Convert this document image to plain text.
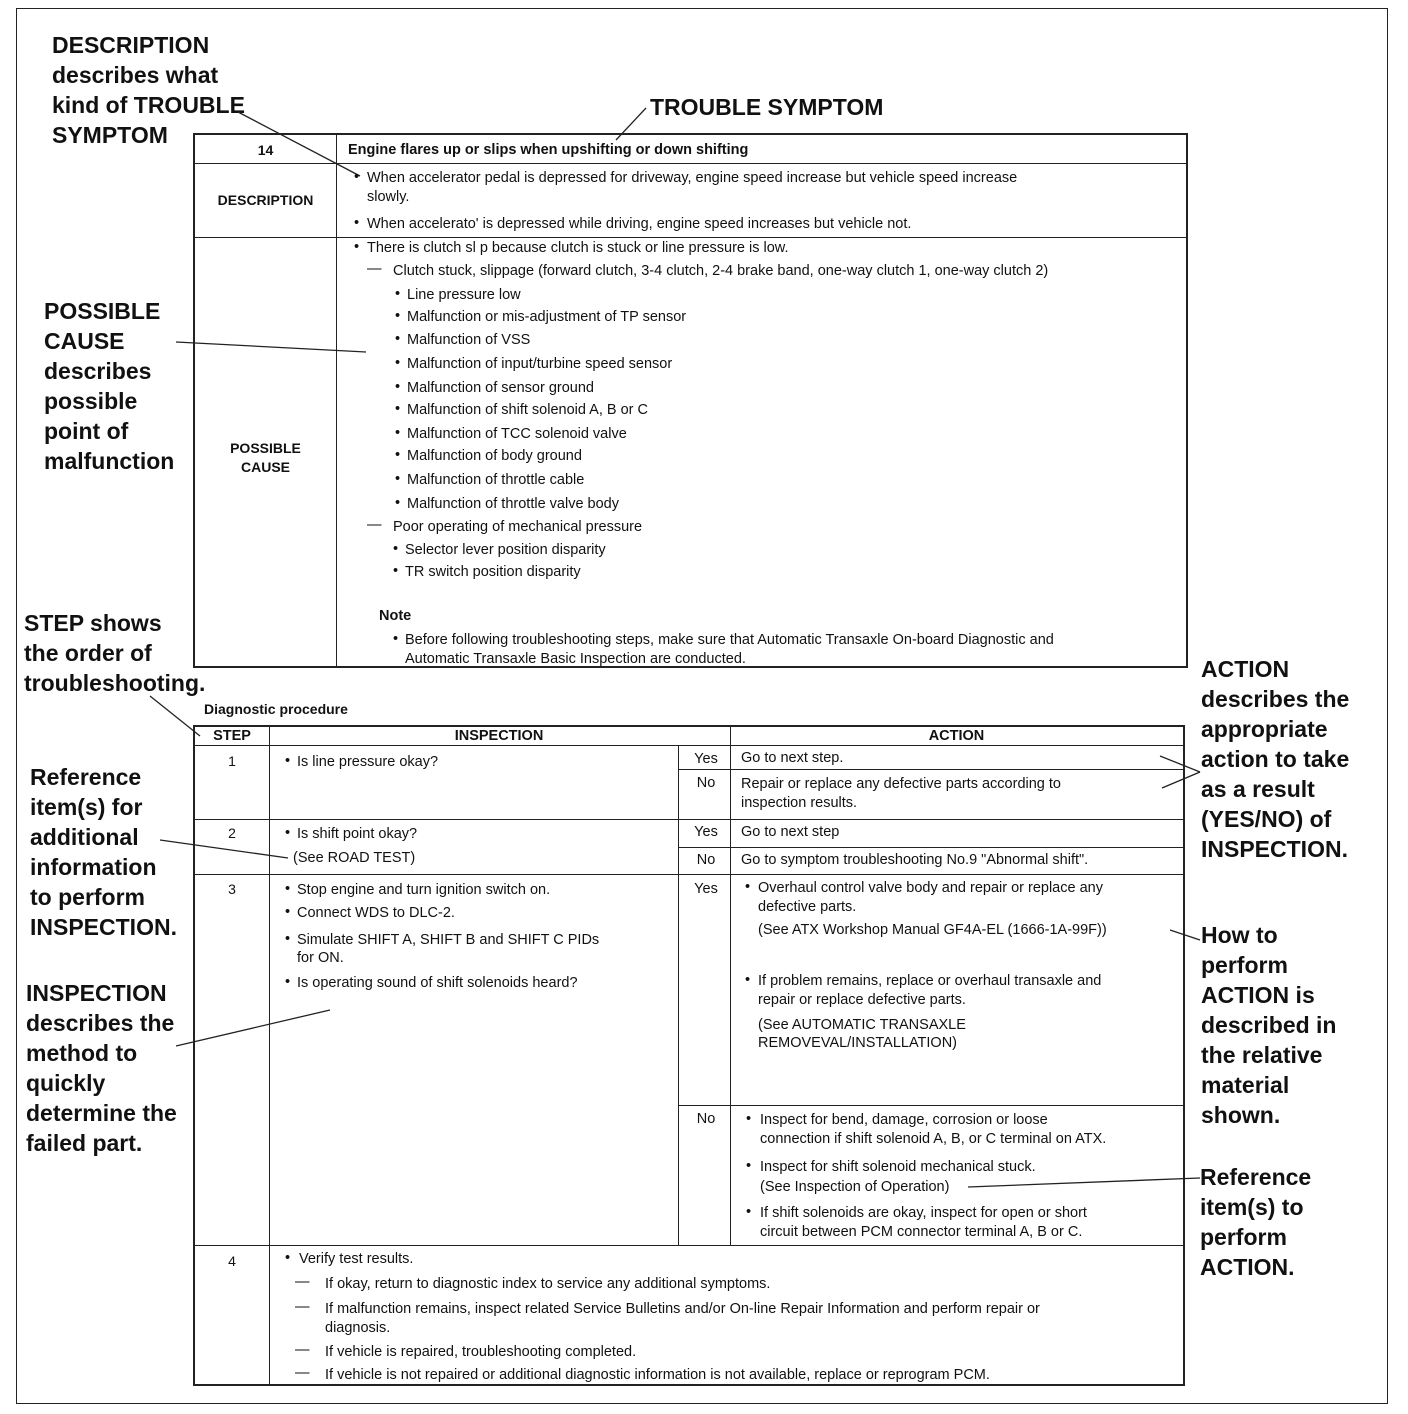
DESCRIPTION
describes what
kind of TROUBLE
SYMPTOM
TROUBLE SYMPTOM
POSSIBLE
CAUSE
describes
possible
point of
malfunction
STEP shows
the order of
troubleshooting.
Reference
item(s) for
additional
information
to perform
INSPECTION.
INSPECTION
describes the
method to
quickly
determine the
failed part.
ACTION
describes the
appropriate
action to take
as a result
(YES/NO) of
INSPECTION.
How to
perform
ACTION is
described in
the relative
material
shown.
Reference
item(s) to
perform
ACTION.
14	Engine flares up or slips when upshifting or down shifting
DESCRIPTION
• When accelerator pedal is depressed for driveway, engine speed increase but vehicle speed increase
slowly.
• When accelerato' is depressed while driving, engine speed increases but vehicle not.
POSSIBLE
CAUSE
• There is clutch sl p because clutch is stuck or line pressure is low.
— Clutch stuck, slippage (forward clutch, 3-4 clutch, 2-4 brake band, one-way clutch 1, one-way clutch 2)
• Line pressure low
• Malfunction or mis-adjustment of TP sensor
• Malfunction of VSS
• Malfunction of input/turbine speed sensor
• Malfunction of sensor ground
• Malfunction of shift solenoid A, B or C
• Malfunction of TCC solenoid valve
• Malfunction of body ground
• Malfunction of throttle cable
• Malfunction of throttle valve body
— Poor operating of mechanical pressure
• Selector lever position disparity
• TR switch position disparity
Note
• Before following troubleshooting steps, make sure that Automatic Transaxle On-board Diagnostic and
Automatic Transaxle Basic Inspection are conducted.
Diagnostic procedure
STEP	INSPECTION	ACTION
1	• Is line pressure okay?	Yes	Go to next step.
No	Repair or replace any defective parts according to
inspection results.
2	• Is shift point okay?
(See ROAD TEST)
Yes	Go to next step
No	Go to symptom troubleshooting No.9 "Abnormal shift".
3	• Stop engine and turn ignition switch on.
• Connect WDS to DLC-2.
• Simulate SHIFT A, SHIFT B and SHIFT C PIDs
for ON.
• Is operating sound of shift solenoids heard?
Yes	• Overhaul control valve body and repair or replace any
defective parts.
(See ATX Workshop Manual GF4A-EL (1666-1A-99F))
• If problem remains, replace or overhaul transaxle and
repair or replace defective parts.
(See AUTOMATIC TRANSAXLE
REMOVEVAL/INSTALLATION)
No	• Inspect for bend, damage, corrosion or loose
connection if shift solenoid A, B, or C terminal on ATX.
• Inspect for shift solenoid mechanical stuck.
(See Inspection of Operation)
• If shift solenoids are okay, inspect for open or short
circuit between PCM connector terminal A, B or C.
4	• Verify test results.
— If okay, return to diagnostic index to service any additional symptoms.
— If malfunction remains, inspect related Service Bulletins and/or On-line Repair Information and perform repair or
diagnosis.
— If vehicle is repaired, troubleshooting completed.
— If vehicle is not repaired or additional diagnostic information is not available, replace or reprogram PCM.
